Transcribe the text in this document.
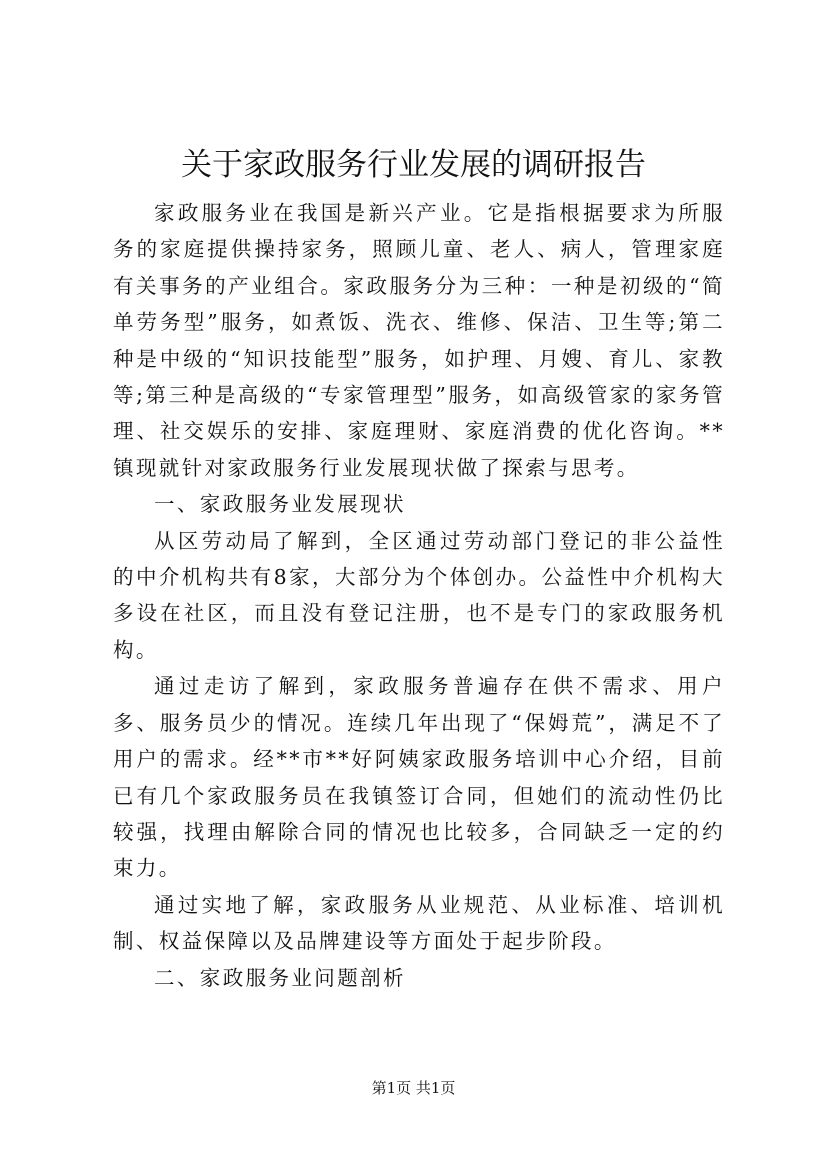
关于家政服务行业发展的调研报告

家政服务业在我国是新兴产业。它是指根据要求为所服务的家庭提供操持家务，照顾儿童、老人、病人，管理家庭有关事务的产业组合。家政服务分为三种：一种是初级的“简单劳务型”服务，如煮饭、洗衣、维修、保洁、卫生等;第二种是中级的“知识技能型”服务，如护理、月嫂、育儿、家教等;第三种是高级的“专家管理型”服务，如高级管家的家务管理、社交娱乐的安排、家庭理财、家庭消费的优化咨询。**镇现就针对家政服务行业发展现状做了探索与思考。

一、家政服务业发展现状

从区劳动局了解到，全区通过劳动部门登记的非公益性的中介机构共有8家，大部分为个体创办。公益性中介机构大多设在社区，而且没有登记注册，也不是专门的家政服务机构。

通过走访了解到，家政服务普遍存在供不需求、用户多、服务员少的情况。连续几年出现了“保姆荒”，满足不了用户的需求。经**市**好阿姨家政服务培训中心介绍，目前已有几个家政服务员在我镇签订合同，但她们的流动性仍比较强，找理由解除合同的情况也比较多，合同缺乏一定的约束力。

通过实地了解，家政服务从业规范、从业标准、培训机制、权益保障以及品牌建设等方面处于起步阶段。

二、家政服务业问题剖析

第1页 共1页
